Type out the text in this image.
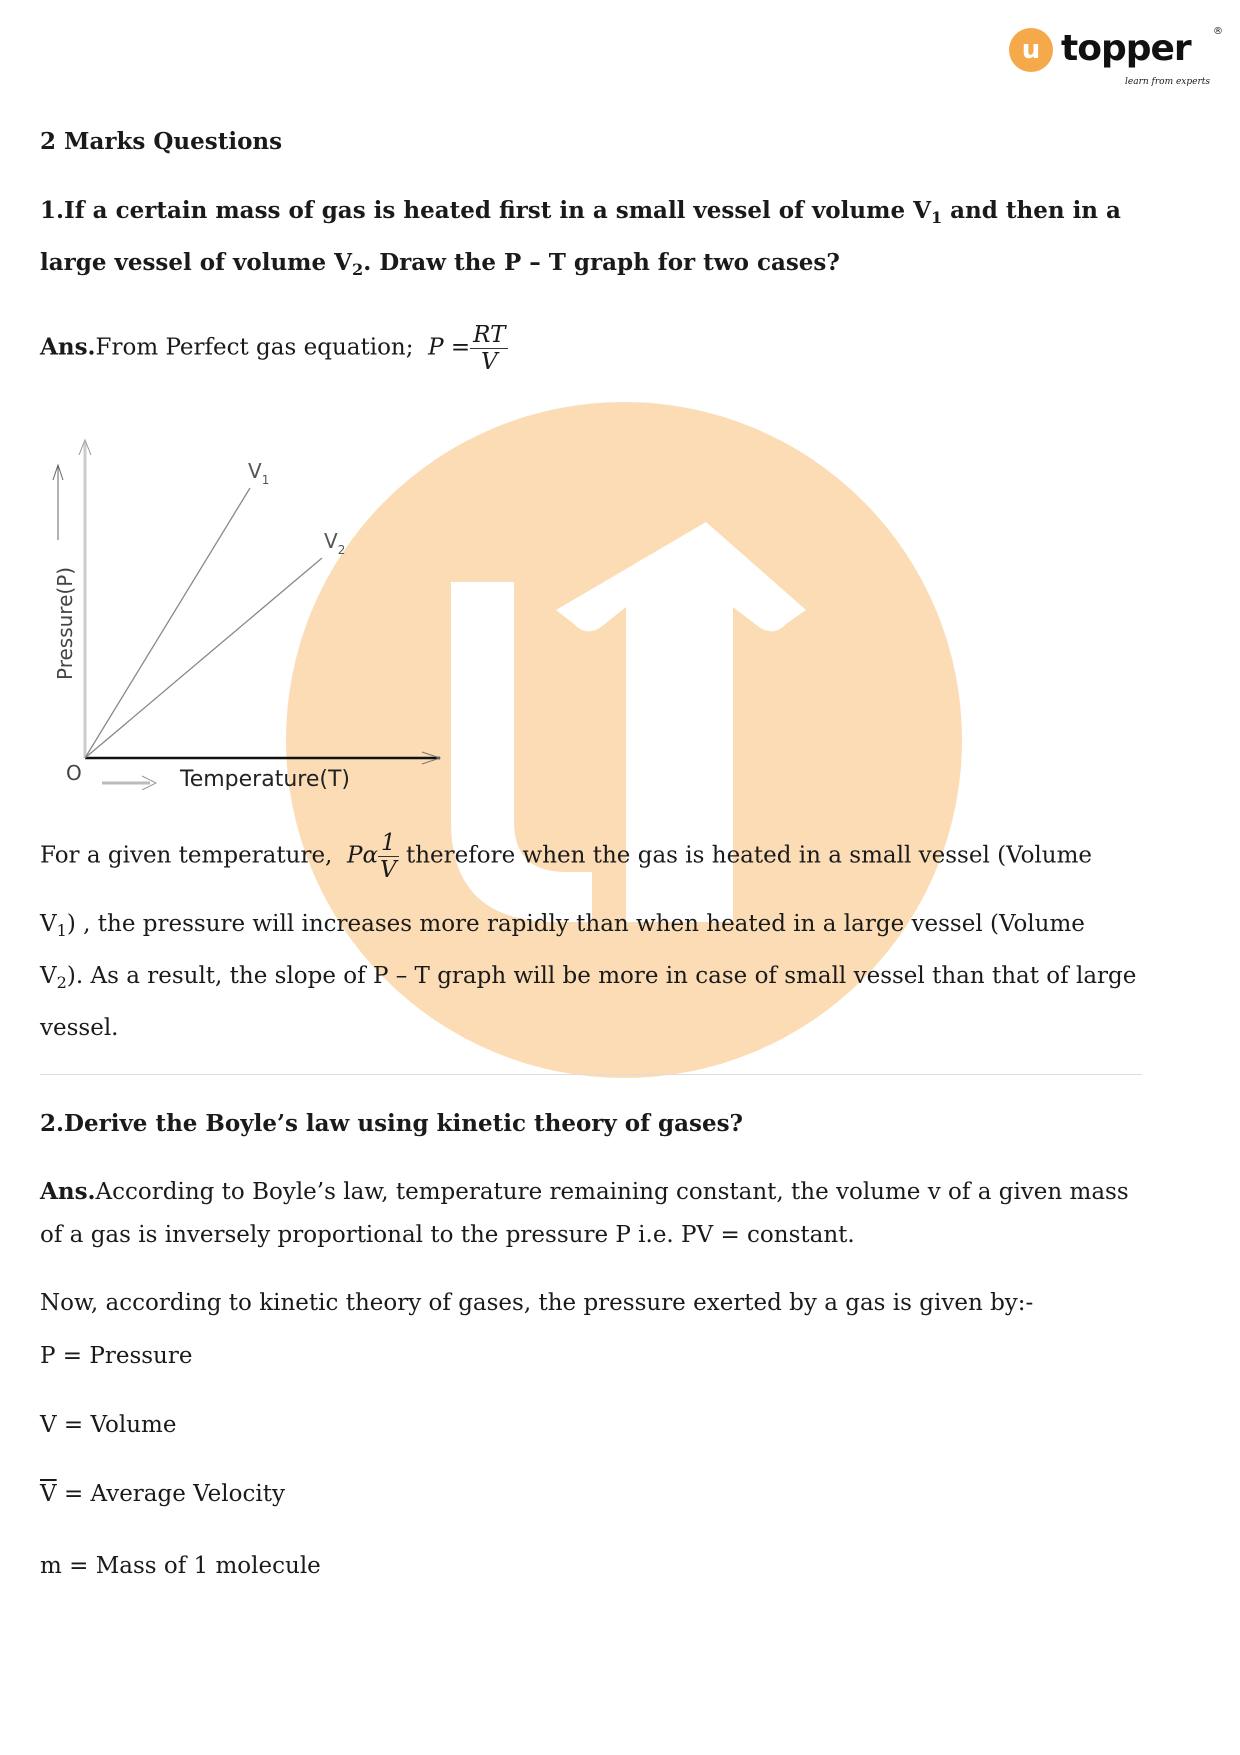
u topper ®
learn from experts
2 Marks Questions
1.If a certain mass of gas is heated first in a small vessel of volume $V_1$ and then in a
large vessel of volume $V_2$. Draw the P – T graph for two cases?
Ans.From Perfect gas equation; $P = \frac{RT}{V}$
$V_1$
$V_2$
O	Temperature(T)
Pressure(P)
For a given temperature, Pα $\frac{1}{V}$ therefore when the gas is heated in a small vessel (Volume
$V_1$) , the pressure will increases more rapidly than when heated in a large vessel (Volume
$V_2$). As a result, the slope of P – T graph will be more in case of small vessel than that of large
vessel.
2.Derive the Boyle’s law using kinetic theory of gases?
Ans.According to Boyle’s law, temperature remaining constant, the volume v of a given mass
of a gas is inversely proportional to the pressure P i.e. PV = constant.
Now, according to kinetic theory of gases, the pressure exerted by a gas is given by:-
P = Pressure
V = Volume
$\overline{V}$ = Average Velocity
m = Mass of 1 molecule
